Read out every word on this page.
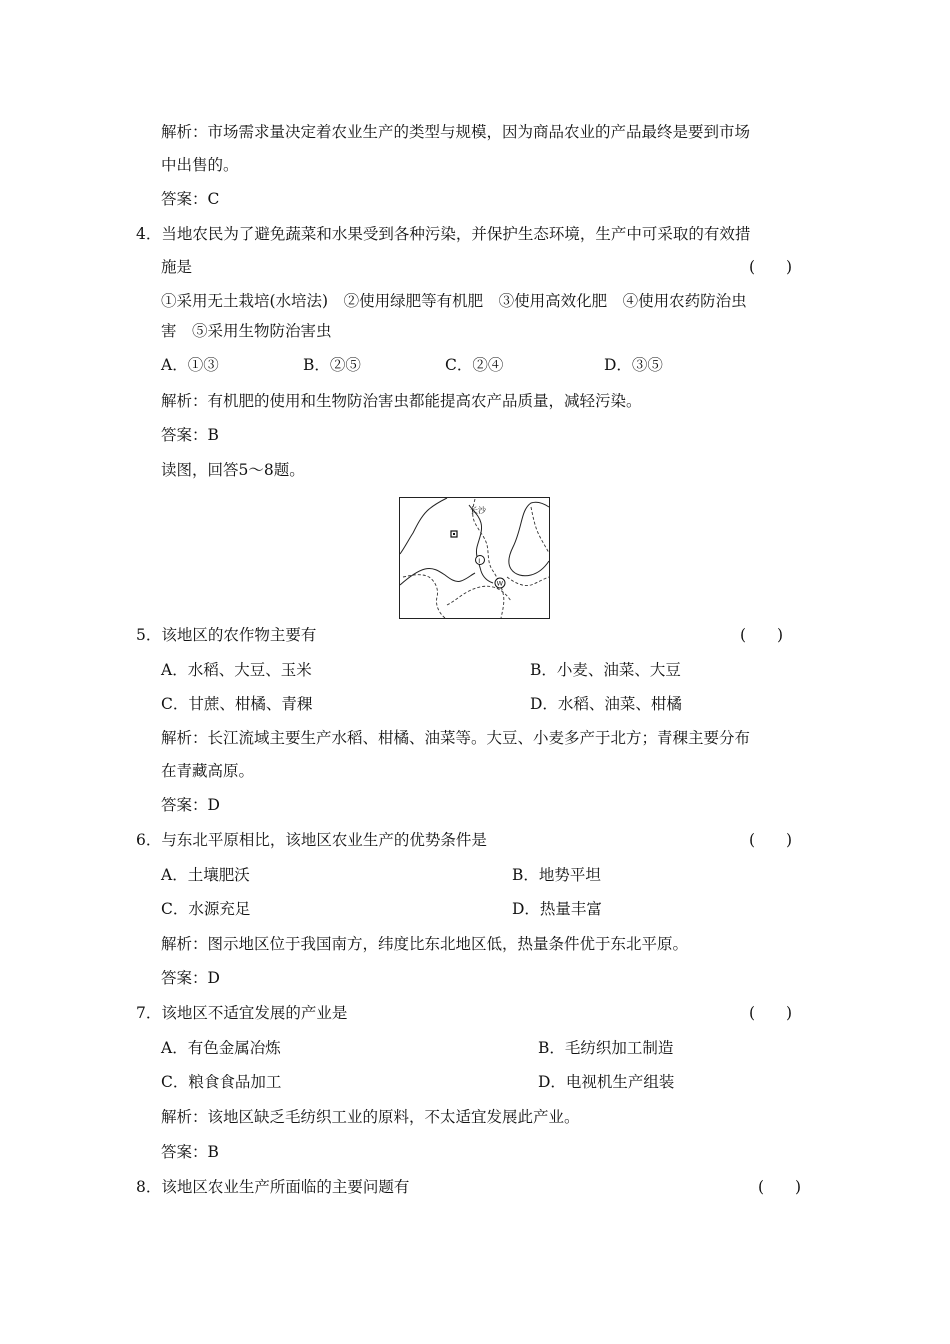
解析：市场需求量决定着农业生产的类型与规模，因为商品农业的产品最终是要到市场
中出售的。
答案：C
4．当地农民为了避免蔬菜和水果受到各种污染，并保护生态环境，生产中可采取的有效措
施是	(　　)
①采用无土栽培(水培法)　②使用绿肥等有机肥　③使用高效化肥　④使用农药防治虫
害　⑤采用生物防治害虫
A．①③	B．②⑤	C．②④	D．③⑤
解析：有机肥的使用和生物防治害虫都能提高农产品质量，减轻污染。
答案：B
读图，回答5～8题。
长沙
Ⅰ
W
5．该地区的农作物主要有	(　　)
A．水稻、大豆、玉米	B．小麦、油菜、大豆
C．甘蔗、柑橘、青稞	D．水稻、油菜、柑橘
解析：长江流域主要生产水稻、柑橘、油菜等。大豆、小麦多产于北方；青稞主要分布
在青藏高原。
答案：D
6．与东北平原相比，该地区农业生产的优势条件是	(　　)
A．土壤肥沃	B．地势平坦
C．水源充足	D．热量丰富
解析：图示地区位于我国南方，纬度比东北地区低，热量条件优于东北平原。
答案：D
7．该地区不适宜发展的产业是	(　　)
A．有色金属冶炼	B．毛纺织加工制造
C．粮食食品加工	D．电视机生产组装
解析：该地区缺乏毛纺织工业的原料，不太适宜发展此产业。
答案：B
8．该地区农业生产所面临的主要问题有	(　　)
